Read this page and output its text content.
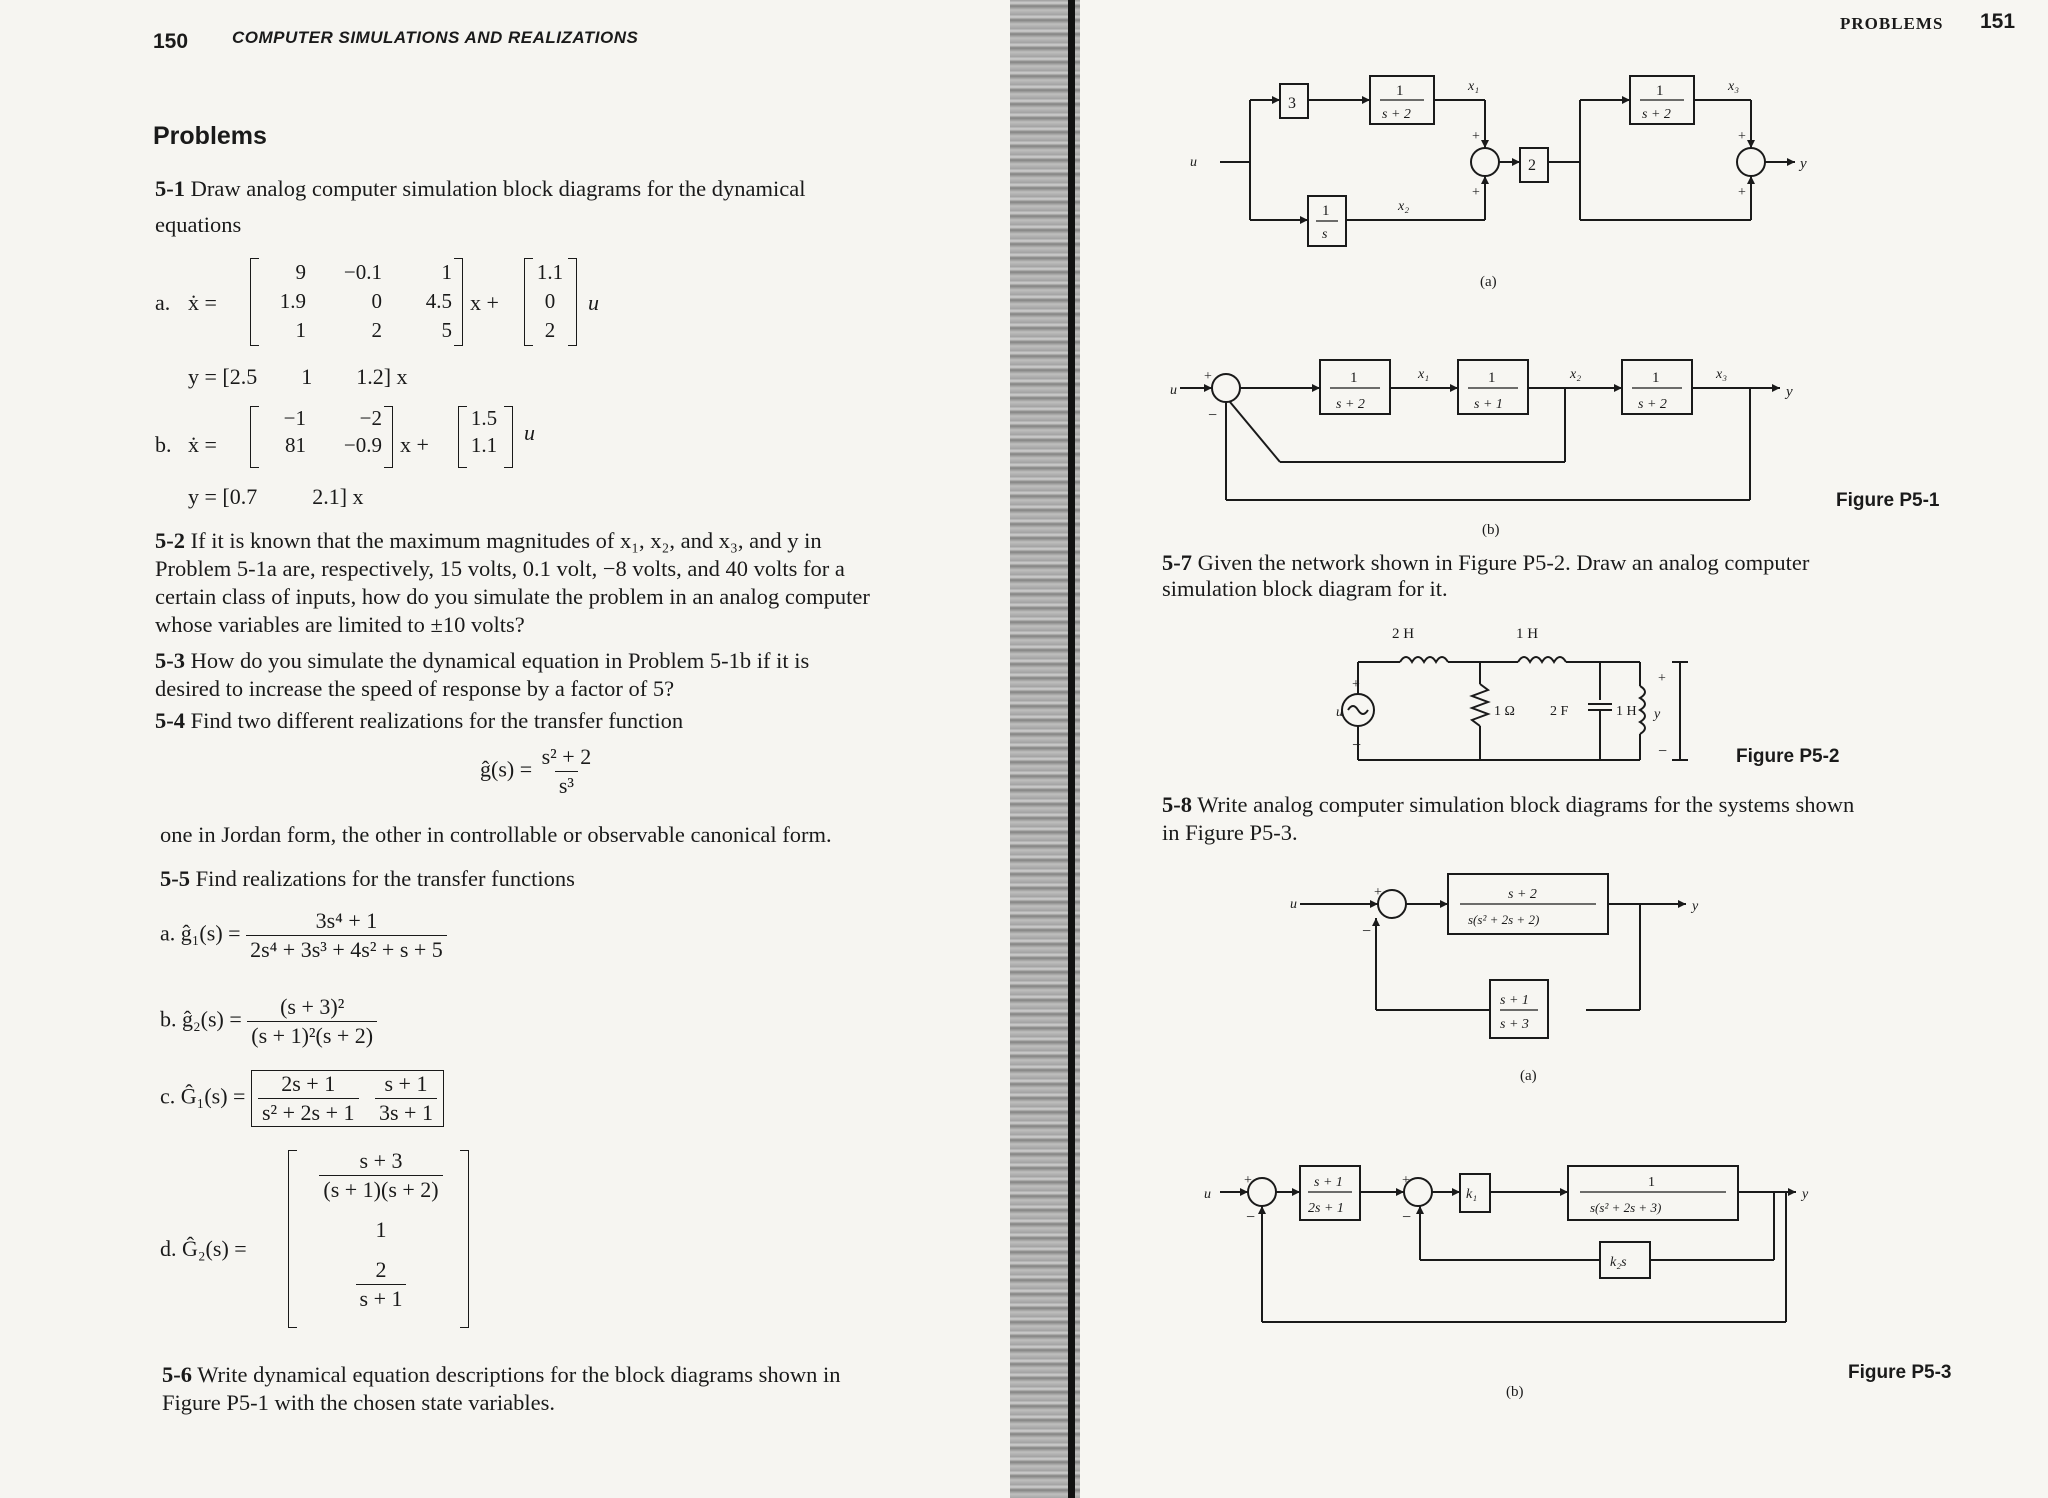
150	COMPUTER SIMULATIONS AND REALIZATIONS
Problems
5-1 Draw analog computer simulation block diagrams for the dynamical
equations
a. ẋ =
9	−0.1	1
1.9	0	4.5
1	2	5
x +
1.1
0
2
u
y = [2.5        1        1.2] x
b. ẋ =
−1	−2
81	−0.9 x +
1.5
1.1	u
y = [0.7          2.1] x
5-2 If it is known that the maximum magnitudes of x₁, x₂, and x₃, and y in
Problem 5-1a are, respectively, 15 volts, 0.1 volt, −8 volts, and 40 volts for a
certain class of inputs, how do you simulate the problem in an analog computer
whose variables are limited to ±10 volts?
5-3 How do you simulate the dynamical equation in Problem 5-1b if it is
desired to increase the speed of response by a factor of 5?
5-4 Find two different realizations for the transfer function
ĝ(s) = $\frac{\text{s² + 2}}{\text{s³}}$
one in Jordan form, the other in controllable or observable canonical form.
5-5 Find realizations for the transfer functions
a. ĝ₁(s) = $\frac{\text{3s⁴ + 1}}{\text{2s⁴ + 3s³ + 4s² + s + 5}}$
b. ĝ₂(s) = $\frac{\text{(s + 3)²}}{\text{(s + 1)²(s + 2)}}$
c. Ĝ₁(s) = $\frac{2s + 1}{\text{s² + 2s + 1}}$
$\frac{s + 1}{3s + 1}$
d. Ĝ₂(s) =
$\frac{s + 3}{(s + 1)(s + 2)}$
1
$\frac{2}{s + 1}$
5-6 Write dynamical equation descriptions for the block diagrams shown in
Figure P5-1 with the chosen state variables.
PROBLEMS 151
3
1
s + 2
1
s
2
1
s + 2
x₁
x₂
x₃
u	y
+
+
+
+
(a)
1
s + 2
1
s + 1
1
s + 2
x₁	x₂	x₃
u	y
+
−
(b)
Figure P5-1
5-7 Given the network shown in Figure P5-2. Draw an analog computer
simulation block diagram for it.
2 H	1 H
1 Ω	2 F	1 H
u
+
−
+
−
y
Figure P5-2
5-8 Write analog computer simulation block diagrams for the systems shown
in Figure P5-3.
s + 2
s(s² + 2s + 2)
s + 1
s + 3
u	y
+
−
(a)
s + 1
2s + 1
k₁
1
s(s² + 2s + 3)
k₂s
u	y
+
−
+
−
(b)
Figure P5-3
